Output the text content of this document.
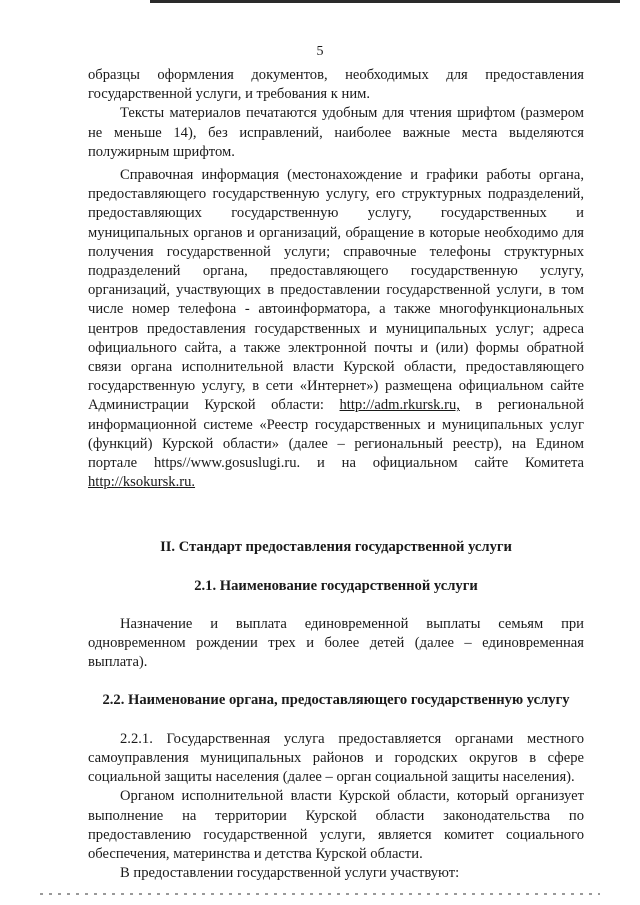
5

образцы оформления документов, необходимых для предоставления государственной услуги, и требования к ним.

Тексты материалов печатаются удобным для чтения шрифтом (размером не меньше 14), без исправлений, наиболее важные места выделяются полужирным шрифтом.

Справочная информация (местонахождение и графики работы органа, предоставляющего государственную услугу, его структурных подразделений, предоставляющих государственную услугу, государственных и муниципальных органов и организаций, обращение в которые необходимо для получения государственной услуги; справочные телефоны структурных подразделений органа, предоставляющего государственную услугу, организаций, участвующих в предоставлении государственной услуги, в том числе номер телефона - автоинформатора, а также многофункциональных центров предоставления государственных и муниципальных услуг; адреса официального сайта, а также электронной почты и (или) формы обратной связи органа исполнительной власти Курской области, предоставляющего государственную услугу, в сети «Интернет») размещена официальном сайте Администрации Курской области: http://adm.rkursk.ru, в региональной информационной системе «Реестр государственных и муниципальных услуг (функций) Курской области» (далее – региональный реестр), на Едином портале https//www.gosuslugi.ru. и на официальном сайте Комитета http://ksokursk.ru.

II. Стандарт предоставления государственной услуги

2.1. Наименование государственной услуги

Назначение и выплата единовременной выплаты семьям при одновременном рождении трех и более детей (далее – единовременная выплата).

2.2. Наименование органа, предоставляющего государственную услугу

2.2.1. Государственная услуга предоставляется органами местного самоуправления муниципальных районов и городских округов в сфере социальной защиты населения (далее – орган социальной защиты населения).

Органом исполнительной власти Курской области, который организует выполнение на территории Курской области законодательства по предоставлению государственной услуги, является комитет социального обеспечения, материнства и детства Курской области.

В предоставлении государственной услуги участвуют:
